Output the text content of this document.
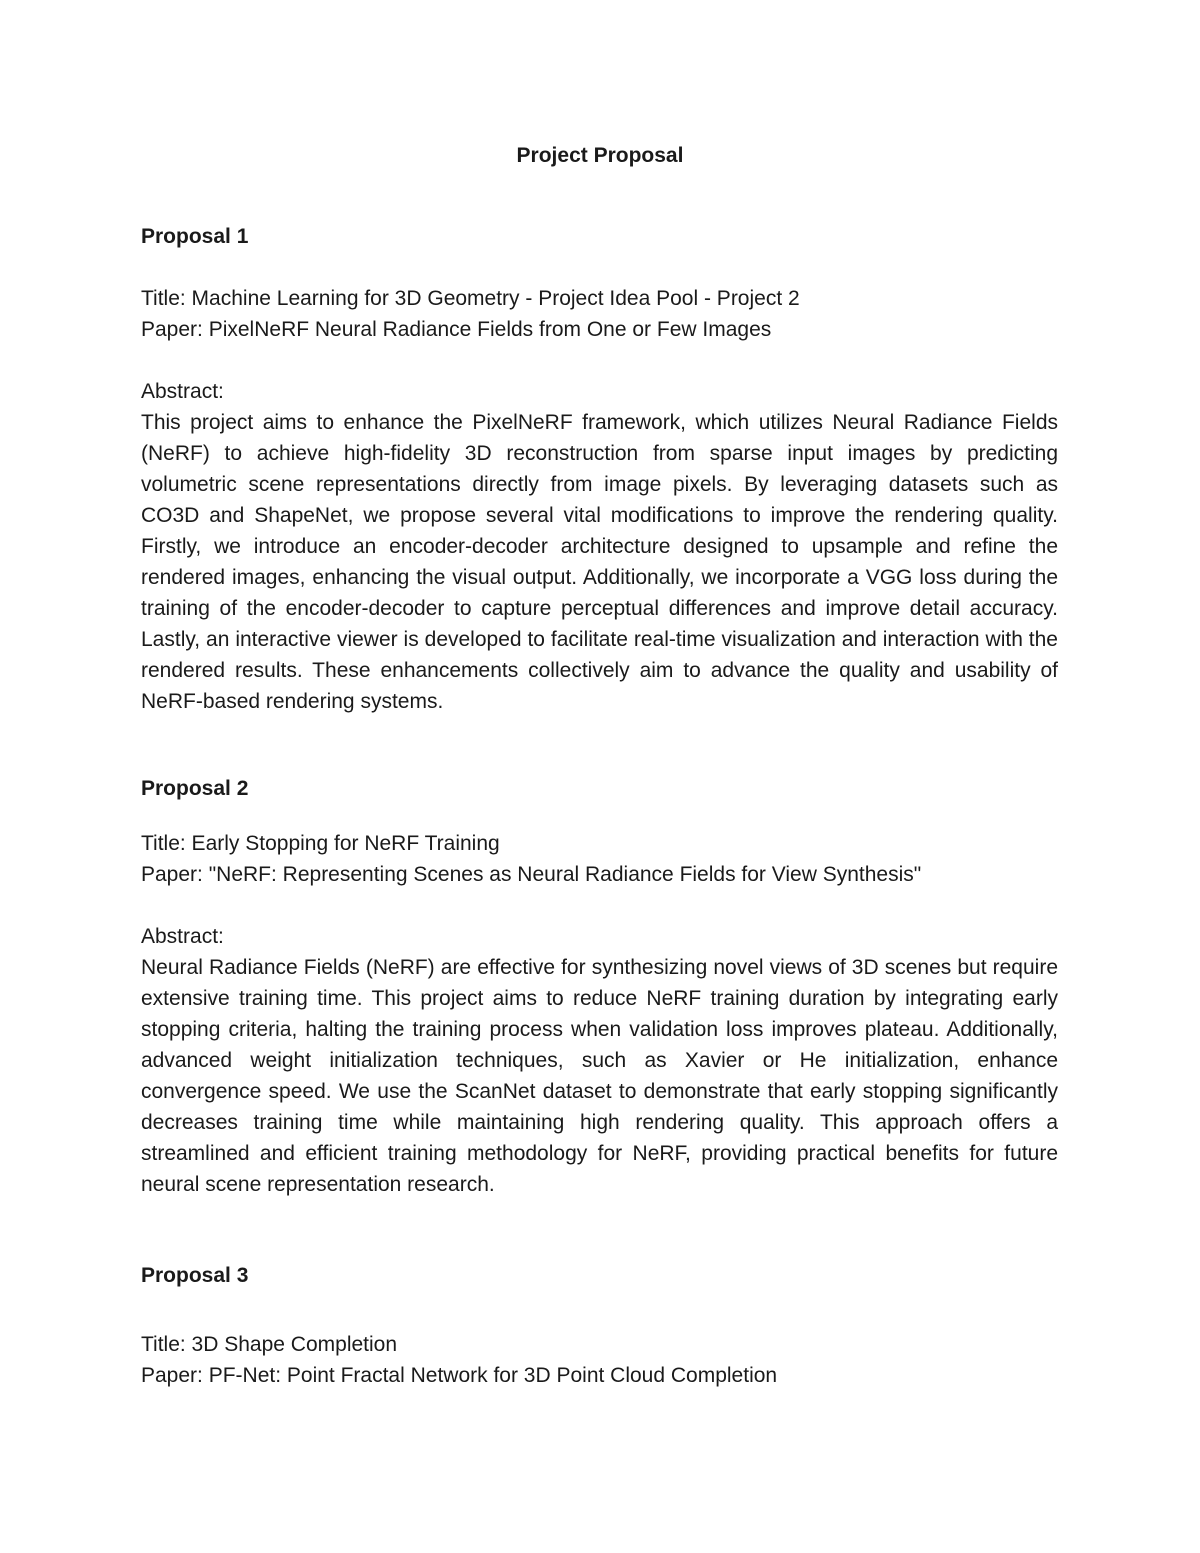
Project Proposal
Proposal 1

Title: Machine Learning for 3D Geometry - Project Idea Pool - Project 2

Paper: PixelNeRF Neural Radiance Fields from One or Few Images

Abstract:

This project aims to enhance the PixelNeRF framework, which utilizes Neural Radiance Fields (NeRF) to achieve high-fidelity 3D reconstruction from sparse input images by predicting volumetric scene representations directly from image pixels. By leveraging datasets such as CO3D and ShapeNet, we propose several vital modifications to improve the rendering quality. Firstly, we introduce an encoder-decoder architecture designed to upsample and refine the rendered images, enhancing the visual output. Additionally, we incorporate a VGG loss during the training of the encoder-decoder to capture perceptual differences and improve detail accuracy. Lastly, an interactive viewer is developed to facilitate real-time visualization and interaction with the rendered results. These enhancements collectively aim to advance the quality and usability of NeRF-based rendering systems.

Proposal 2

Title: Early Stopping for NeRF Training

Paper: "NeRF: Representing Scenes as Neural Radiance Fields for View Synthesis"

Abstract:

Neural Radiance Fields (NeRF) are effective for synthesizing novel views of 3D scenes but require extensive training time. This project aims to reduce NeRF training duration by integrating early stopping criteria, halting the training process when validation loss improves plateau. Additionally, advanced weight initialization techniques, such as Xavier or He initialization, enhance convergence speed. We use the ScanNet dataset to demonstrate that early stopping significantly decreases training time while maintaining high rendering quality. This approach offers a streamlined and efficient training methodology for NeRF, providing practical benefits for future neural scene representation research.

Proposal 3

Title: 3D Shape Completion

Paper: PF-Net: Point Fractal Network for 3D Point Cloud Completion
